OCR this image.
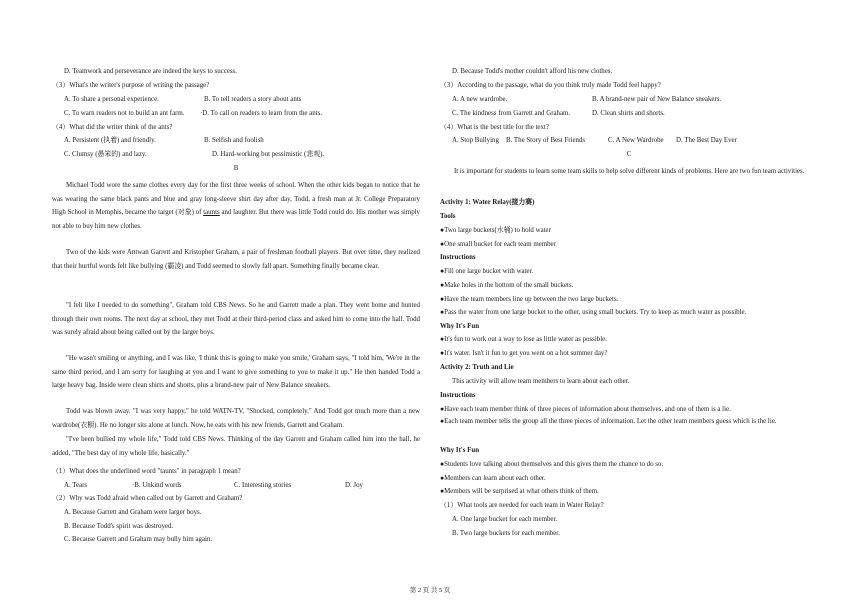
D. Teamwork and perseverance are indeed the keys to success.
（3）What's the writer's purpose of writing the passage?
A. To share a personal experience.	B. To tell readers a story about ants
C. To warn readers not to build an ant farm. ·D. To call on readers to learn from the ants.
（4）What did the writer think of the ants?
A. Persistent (执着) and friendly.	B. Selfish and foolish
C. Clumsy (愚笨的) and lazy.	D. Hard-working but pessimistic (悲观).
B
Michael Todd wore the same clothes every day for the first three weeks of school. When the other kids began to notice that he was wearing the same black pants and blue and gray long-sleeve shirt day after day, Todd, a fresh man at Jr. College Preparatory High School in Memphis, became the target (对象) of taunts and laughter. But there was little Todd could do. His mother was simply not able to buy him new clothes.
Two of the kids were Antwan Garrett and Kristopher Graham, a pair of freshman football players. But over time, they realized that their hurtful words felt like bullying (霸凌) and Todd seemed to slowly fall apart. Something finally became clear.
"I felt like I needed to do something", Graham told CBS News. So he and Garrett made a plan. They went home and hunted through their own rooms. The next day at school, they met Todd at their third-period class and asked him to come into the hall. Todd was surely afraid about being called out by the larger boys.
"He wasn't smiling or anything, and I was like, 'I think this is going to make you smile,' Graham says, "I told him, 'We're in the same third period, and I am sorry for laughing at you and I want to give something to you to make it up." He then handed Todd a large heavy bag. Inside were clean shirts and shorts, plus a brand-new pair of New Balance sneakers.
Todd was blown away. "I was very happy," he told WATN-TV, "Shocked, completely." And Todd got much more than a new wardrobe(衣橱). He no longer sits alone at lunch. Now, he eats with his new friends, Garrett and Graham.
"I've been bullied my whole life," Todd told CBS News. Thinking of the day Garrett and Graham called him into the hall, he added, "The best day of my whole life, basically."
（1）What does the underlined word "taunts" in paragraph 1 mean?
A. Tears	·B. Unkind words	C. Interesting stories	D. Joy
（2）Why was Todd afraid when called out by Garrett and Graham?
A. Because Garrett and Graham were larger boys.
B. Because Todd's spirit was destroyed.
C. Because Garrett and Graham may bully him again.
D. Because Todd's mother couldn't afford his new clothes.
（3）According to the passage, what do you think truly made Todd feel happy?
A. A new wardrobe.	B. A brand-new pair of New Balance sneakers.
C. The kindness from Garrett and Graham.	D. Clean shirts and shorts.
（4）What is the best title for the text?
A. Stop Bullying B. The Story of Best Friends	C. A New Wardrobe D. The Best Day Ever
C
It is important for students to learn some team skills to help solve different kinds of problems. Here are two fun team activities.
Activity 1: Water Relay(接力赛)
Tools
●Two large buckets(水桶) to hold water
●One small bucket for each team member
Instructions
●Fill one large bucket with water.
●Make holes in the bottom of the small buckets.
●Have the team members line up between the two large buckets.
●Pass the water from one large bucket to the other, using small buckets. Try to keep as much water as possible.
Why It's Fun
●It's fun to work out a way to lose as little water as possible.
●It's water. Isn't it fun to get you went on a hot summer day?
Activity 2: Truth and Lie
This activity will allow team members to learn about each other.
Instructions
●Have each team member think of three pieces of information about themselves, and one of them is a lie.
●Each team member tells the group all the three pieces of information. Let the other team members guess which is the lie.
Why It's Fun
●Students love talking about themselves and this gives them the chance to do so.
●Members can learn about each other.
●Members will be surprised at what others think of them.
（1）What tools are needed for each team in Water Relay?
A. One large bucket for each member.
B. Two large buckets for each member.
第 2 页 共 5 页
